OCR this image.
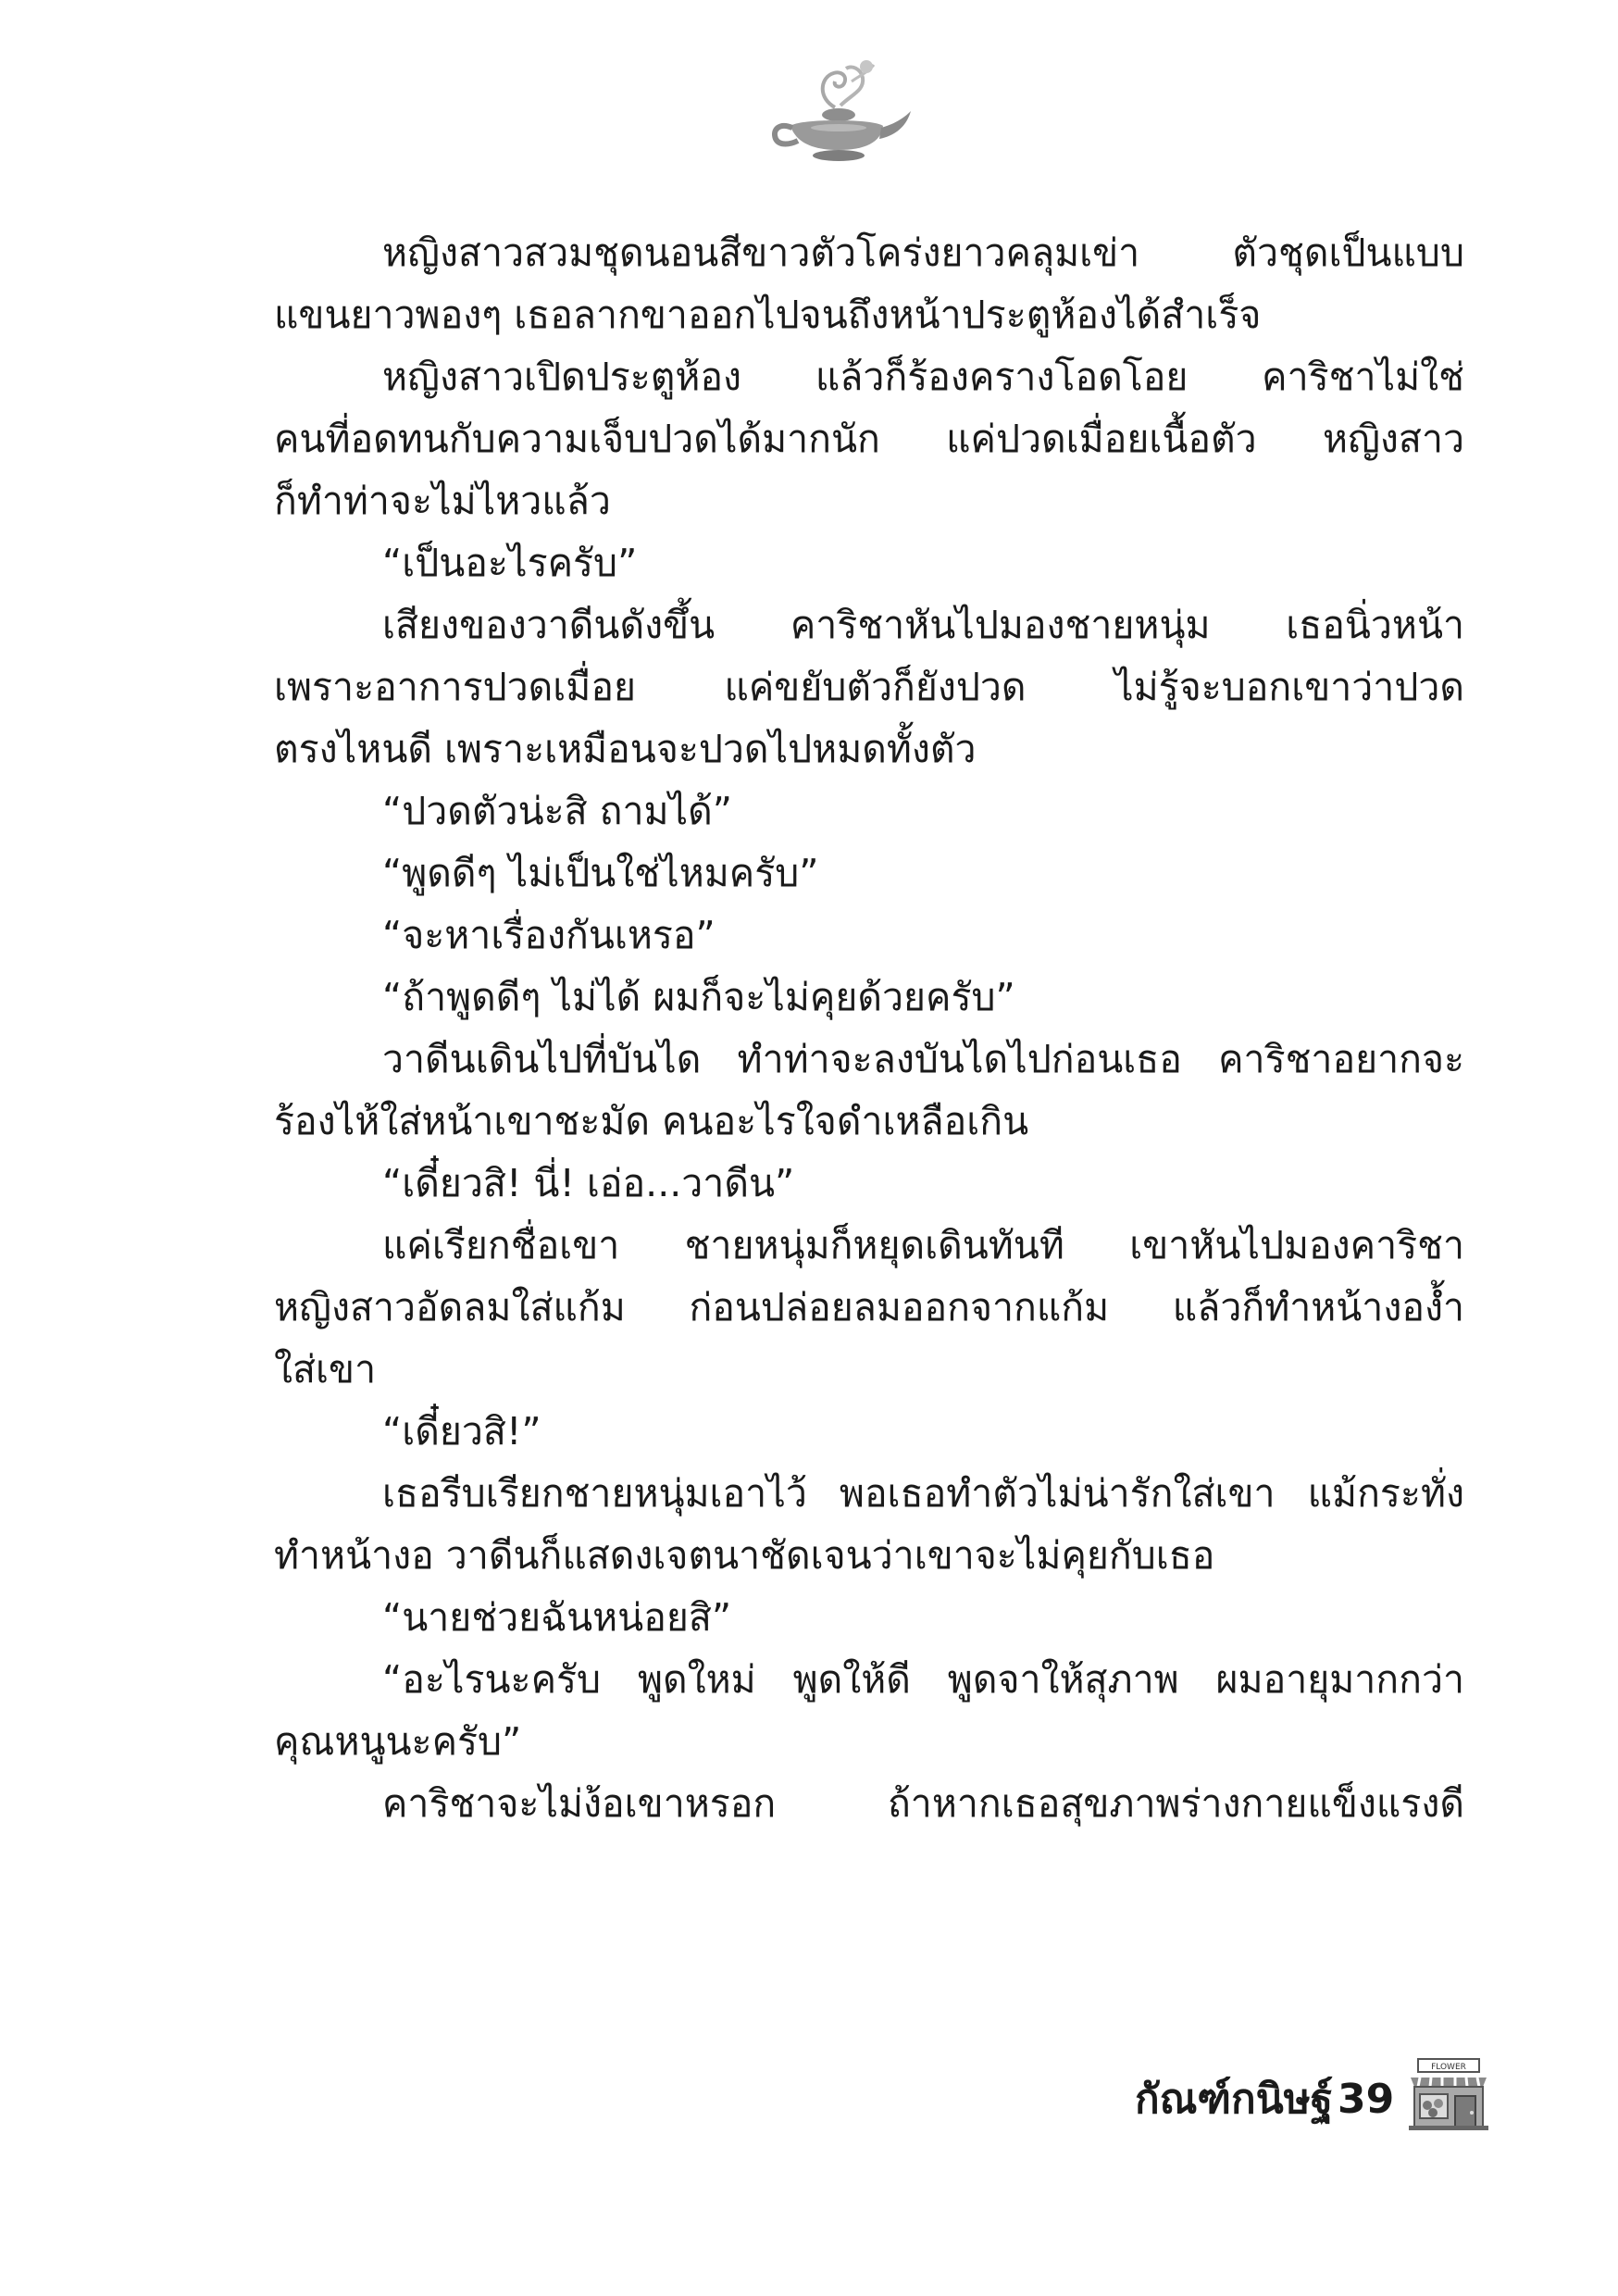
หญิงสาวสวมชุดนอนสีขาวตัวโคร่งยาวคลุมเข่า ตัวชุดเป็นแบบ
แขนยาวพองๆ เธอลากขาออกไปจนถึงหน้าประตูห้องได้สำเร็จ
หญิงสาวเปิดประตูห้อง แล้วก็ร้องครางโอดโอย คาริชาไม่ใช่
คนที่อดทนกับความเจ็บปวดได้มากนัก แค่ปวดเมื่อยเนื้อตัว หญิงสาว
ก็ทำท่าจะไม่ไหวแล้ว
“เป็นอะไรครับ”
เสียงของวาดีนดังขึ้น คาริชาหันไปมองชายหนุ่ม เธอนิ่วหน้า
เพราะอาการปวดเมื่อย แค่ขยับตัวก็ยังปวด ไม่รู้จะบอกเขาว่าปวด
ตรงไหนดี เพราะเหมือนจะปวดไปหมดทั้งตัว
“ปวดตัวน่ะสิ ถามได้”
“พูดดีๆ ไม่เป็นใช่ไหมครับ”
“จะหาเรื่องกันเหรอ”
“ถ้าพูดดีๆ ไม่ได้ ผมก็จะไม่คุยด้วยครับ”
วาดีนเดินไปที่บันได ทำท่าจะลงบันไดไปก่อนเธอ คาริชาอยากจะ
ร้องไห้ใส่หน้าเขาชะมัด คนอะไรใจดำเหลือเกิน
“เดี๋ยวสิ! นี่! เอ่อ...วาดีน”
แค่เรียกชื่อเขา ชายหนุ่มก็หยุดเดินทันที เขาหันไปมองคาริชา
หญิงสาวอัดลมใส่แก้ม ก่อนปล่อยลมออกจากแก้ม แล้วก็ทำหน้างอง้ำ
ใส่เขา
“เดี๋ยวสิ!”
เธอรีบเรียกชายหนุ่มเอาไว้ พอเธอทำตัวไม่น่ารักใส่เขา แม้กระทั่ง
ทำหน้างอ วาดีนก็แสดงเจตนาชัดเจนว่าเขาจะไม่คุยกับเธอ
“นายช่วยฉันหน่อยสิ”
“อะไรนะครับ พูดใหม่ พูดให้ดี พูดจาให้สุภาพ ผมอายุมากกว่า
คุณหนูนะครับ”
คาริชาจะไม่ง้อเขาหรอก ถ้าหากเธอสุขภาพร่างกายแข็งแรงดี
กัณฑ์กนิษฐ์ 39
FLOWER
